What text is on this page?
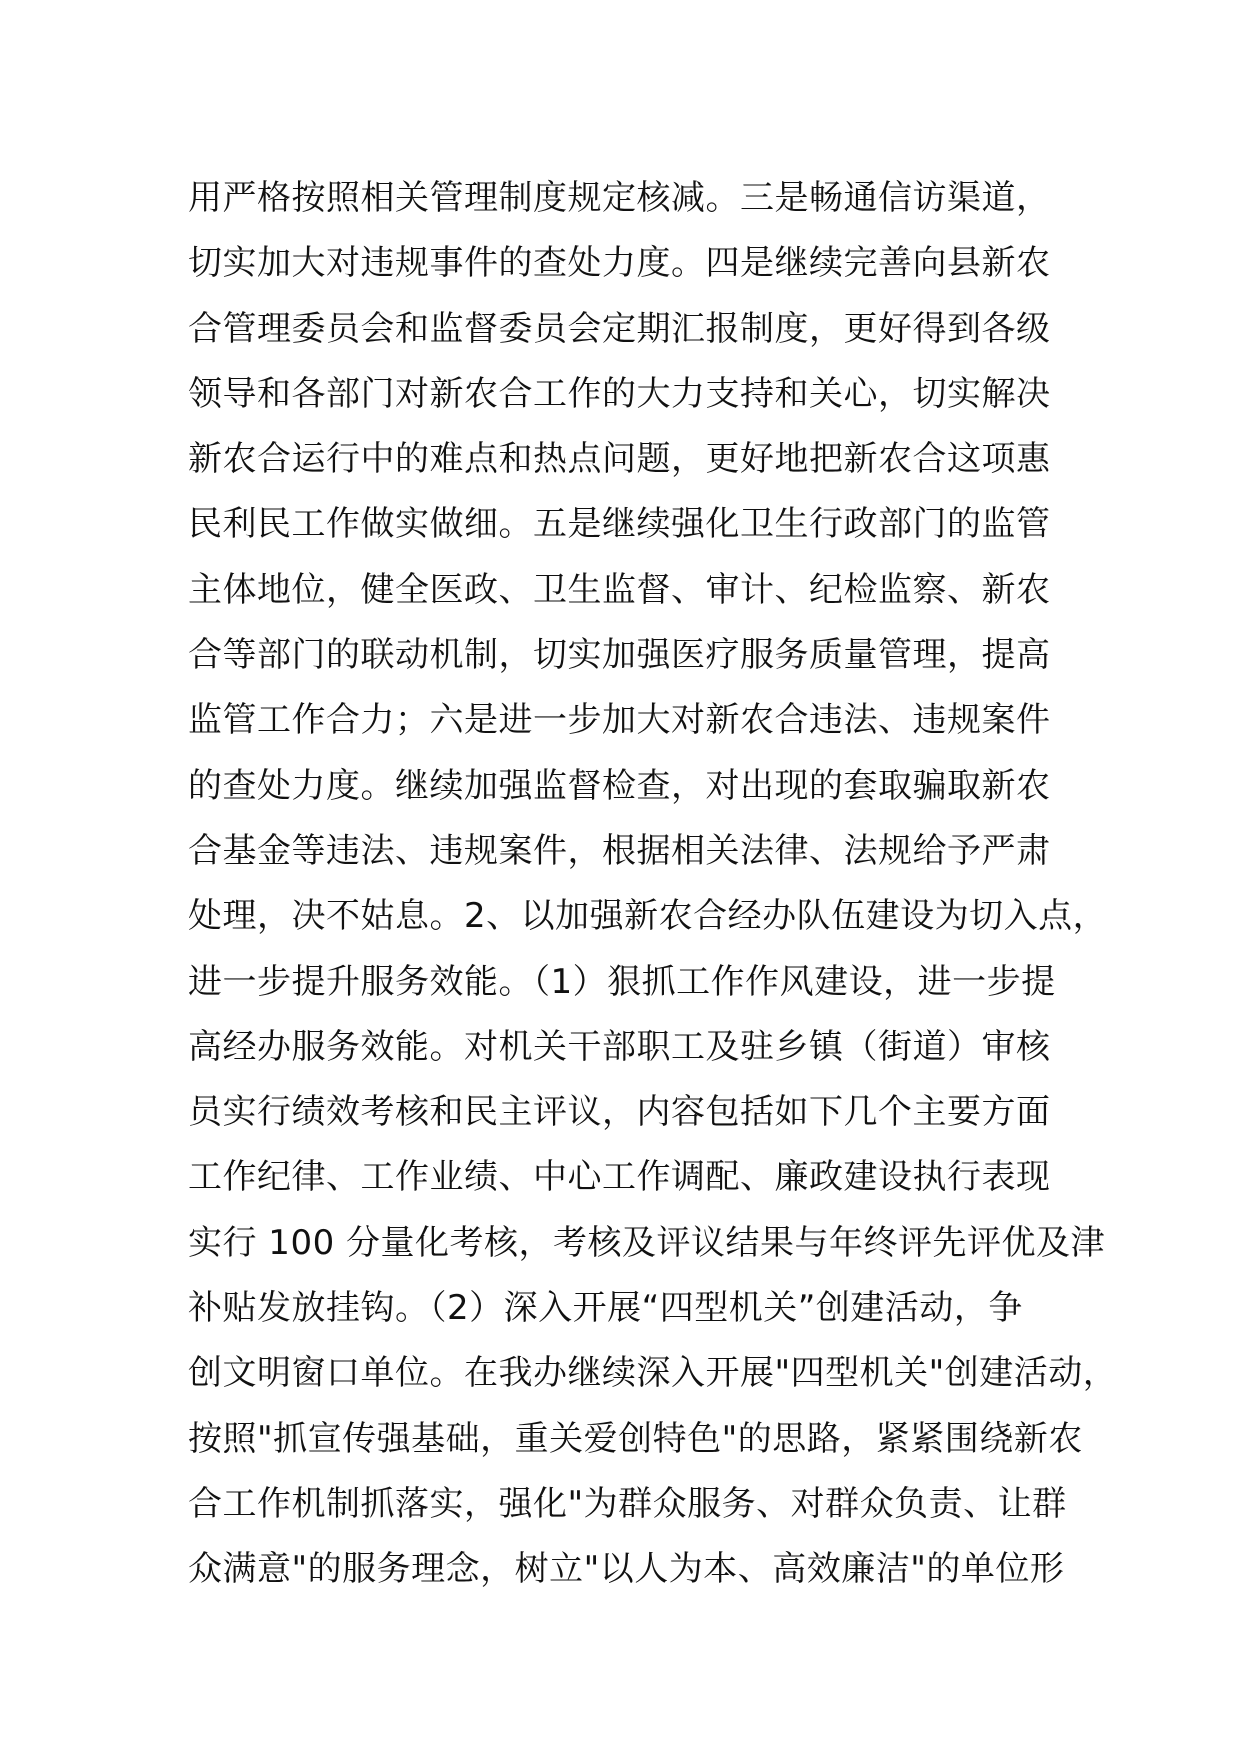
用严格按照相关管理制度规定核减。三是畅通信访渠道，
切实加大对违规事件的查处力度。四是继续完善向县新农
合管理委员会和监督委员会定期汇报制度，更好得到各级
领导和各部门对新农合工作的大力支持和关心，切实解决
新农合运行中的难点和热点问题，更好地把新农合这项惠
民利民工作做实做细。五是继续强化卫生行政部门的监管
主体地位，健全医政、卫生监督、审计、纪检监察、新农
合等部门的联动机制，切实加强医疗服务质量管理，提高
监管工作合力；六是进一步加大对新农合违法、违规案件
的查处力度。继续加强监督检查，对出现的套取骗取新农
合基金等违法、违规案件，根据相关法律、法规给予严肃
处理，决不姑息。2、以加强新农合经办队伍建设为切入点，
进一步提升服务效能。（1）狠抓工作作风建设，进一步提
高经办服务效能。对机关干部职工及驻乡镇（街道）审核
员实行绩效考核和民主评议，内容包括如下几个主要方面
工作纪律、工作业绩、中心工作调配、廉政建设执行表现
实行 100 分量化考核，考核及评议结果与年终评先评优及津
补贴发放挂钩。（2）深入开展“四型机关”创建活动，争
创文明窗口单位。在我办继续深入开展"四型机关"创建活动，
按照"抓宣传强基础，重关爱创特色"的思路，紧紧围绕新农
合工作机制抓落实，强化"为群众服务、对群众负责、让群
众满意"的服务理念，树立"以人为本、高效廉洁"的单位形
